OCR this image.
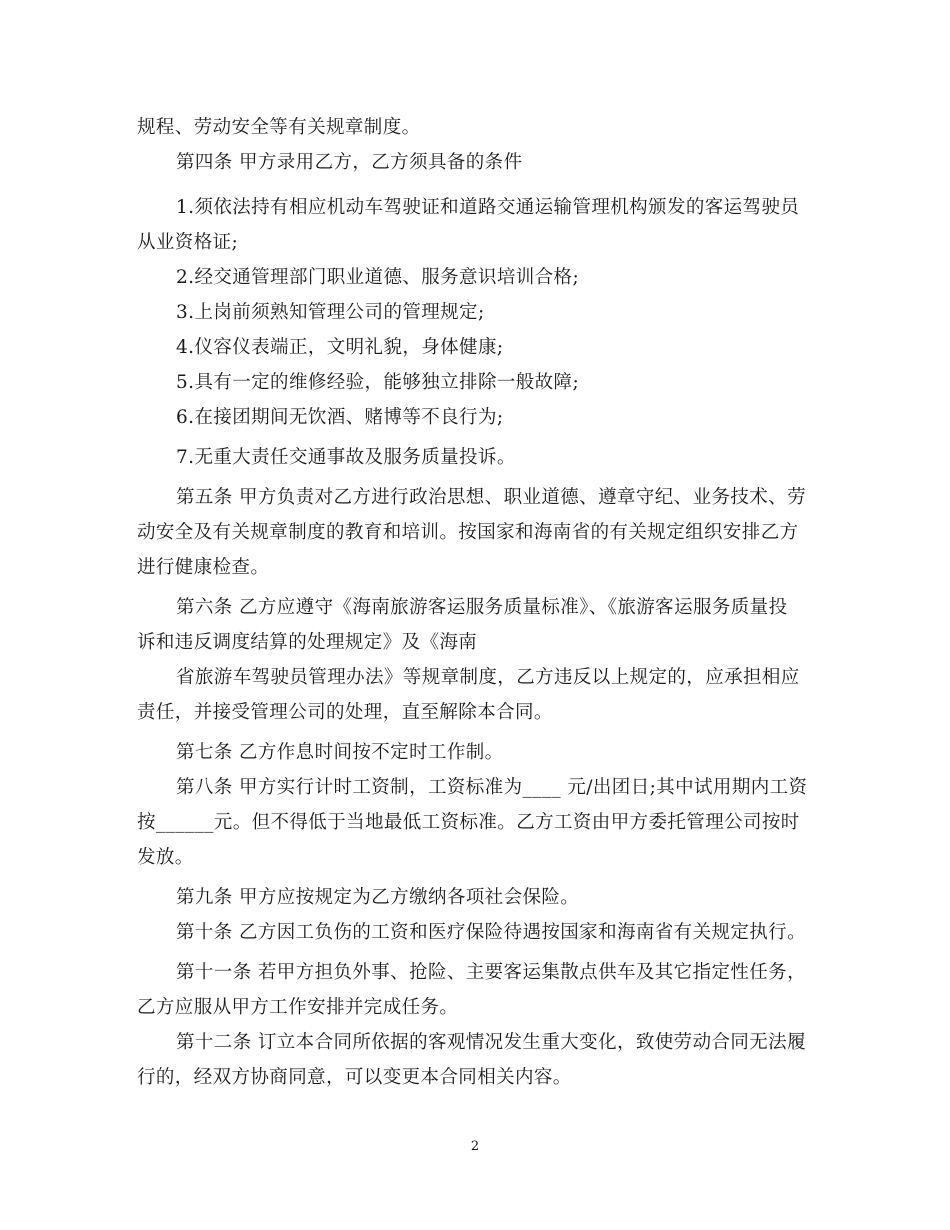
规程、劳动安全等有关规章制度。
第四条 甲方录用乙方，乙方须具备的条件
1.须依法持有相应机动车驾驶证和道路交通运输管理机构颁发的客运驾驶员
从业资格证;
2.经交通管理部门职业道德、服务意识培训合格;
3.上岗前须熟知管理公司的管理规定;
4.仪容仪表端正，文明礼貌，身体健康;
5.具有一定的维修经验，能够独立排除一般故障;
6.在接团期间无饮酒、赌博等不良行为;
7.无重大责任交通事故及服务质量投诉。
第五条 甲方负责对乙方进行政治思想、职业道德、遵章守纪、业务技术、劳
动安全及有关规章制度的教育和培训。按国家和海南省的有关规定组织安排乙方
进行健康检查。
第六条 乙方应遵守《海南旅游客运服务质量标准》、《旅游客运服务质量投
诉和违反调度结算的处理规定》及《海南
省旅游车驾驶员管理办法》等规章制度，乙方违反以上规定的，应承担相应
责任，并接受管理公司的处理，直至解除本合同。
第七条 乙方作息时间按不定时工作制。
第八条 甲方实行计时工资制，工资标准为____ 元/出团日;其中试用期内工资
按______元。但不得低于当地最低工资标准。乙方工资由甲方委托管理公司按时
发放。
第九条 甲方应按规定为乙方缴纳各项社会保险。
第十条 乙方因工负伤的工资和医疗保险待遇按国家和海南省有关规定执行。
第十一条 若甲方担负外事、抢险、主要客运集散点供车及其它指定性任务，
乙方应服从甲方工作安排并完成任务。
第十二条 订立本合同所依据的客观情况发生重大变化，致使劳动合同无法履
行的，经双方协商同意，可以变更本合同相关内容。
2
